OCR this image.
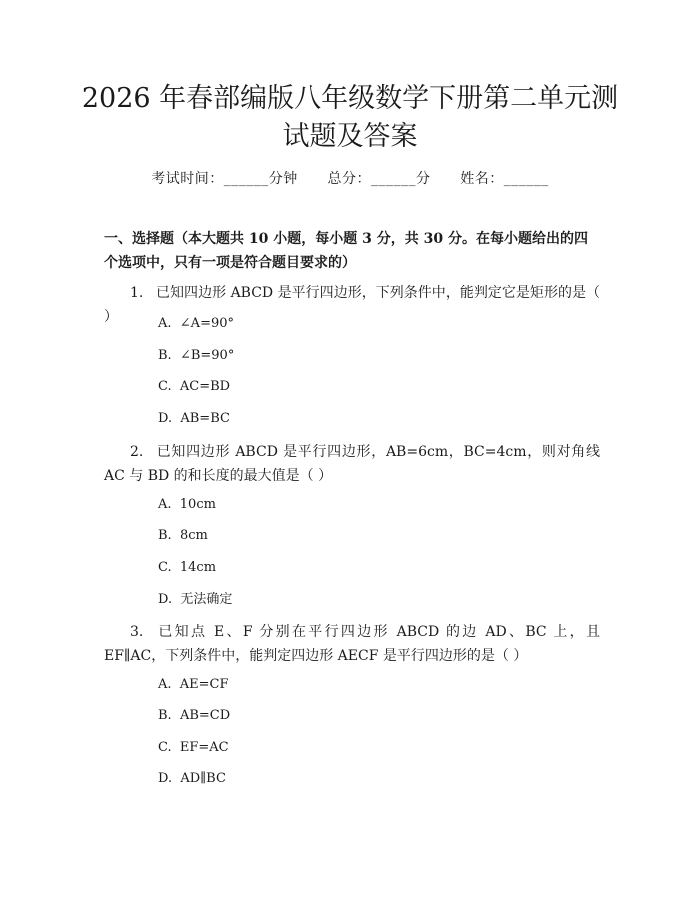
2026 年春部编版八年级数学下册第二单元测
试题及答案
考试时间：______分钟 总分：______分 姓名：______
一、选择题（本大题共 10 小题，每小题 3 分，共 30 分。在每小题给出的四个选项中，只有一项是符合题目要求的）
1. 已知四边形 ABCD 是平行四边形，下列条件中，能判定它是矩形的是（ ）	A.  ∠A=90°
B.  ∠B=90°
C.  AC=BD
D.  AB=BC
2. 已知四边形 ABCD 是平行四边形，AB=6cm，BC=4cm，则对角线 AC 与 BD 的和长度的最大值是（ ）
A.  10cm
B.  8cm
C.  14cm
D.  无法确定
3. 已知点 E、F 分别在平行四边形 ABCD 的边 AD、BC 上，且 EF∥AC，下列条件中，能判定四边形 AECF 是平行四边形的是（ ）
A.  AE=CF
B.  AB=CD
C.  EF=AC
D.  AD∥BC
